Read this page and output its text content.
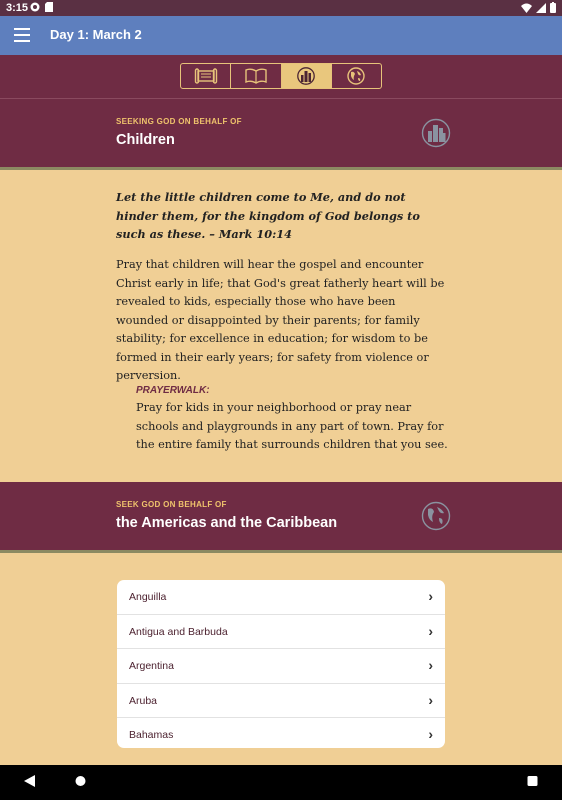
3:15
Day 1: March 2
SEEKING GOD ON BEHALF OF
Children
Let the little children come to Me, and do not hinder them, for the kingdom of God belongs to such as these. – Mark 10:14
Pray that children will hear the gospel and encounter Christ early in life; that God's great fatherly heart will be revealed to kids, especially those who have been wounded or disappointed by their parents; for family stability; for excellence in education; for wisdom to be formed in their early years; for safety from violence or perversion.
PRAYERWALK:
Pray for kids in your neighborhood or pray near schools and playgrounds in any part of town. Pray for the entire family that surrounds children that you see.
SEEK GOD ON BEHALF OF
the Americas and the Caribbean
Anguilla	›
Antigua and Barbuda	›
Argentina	›
Aruba	›
Bahamas	›
